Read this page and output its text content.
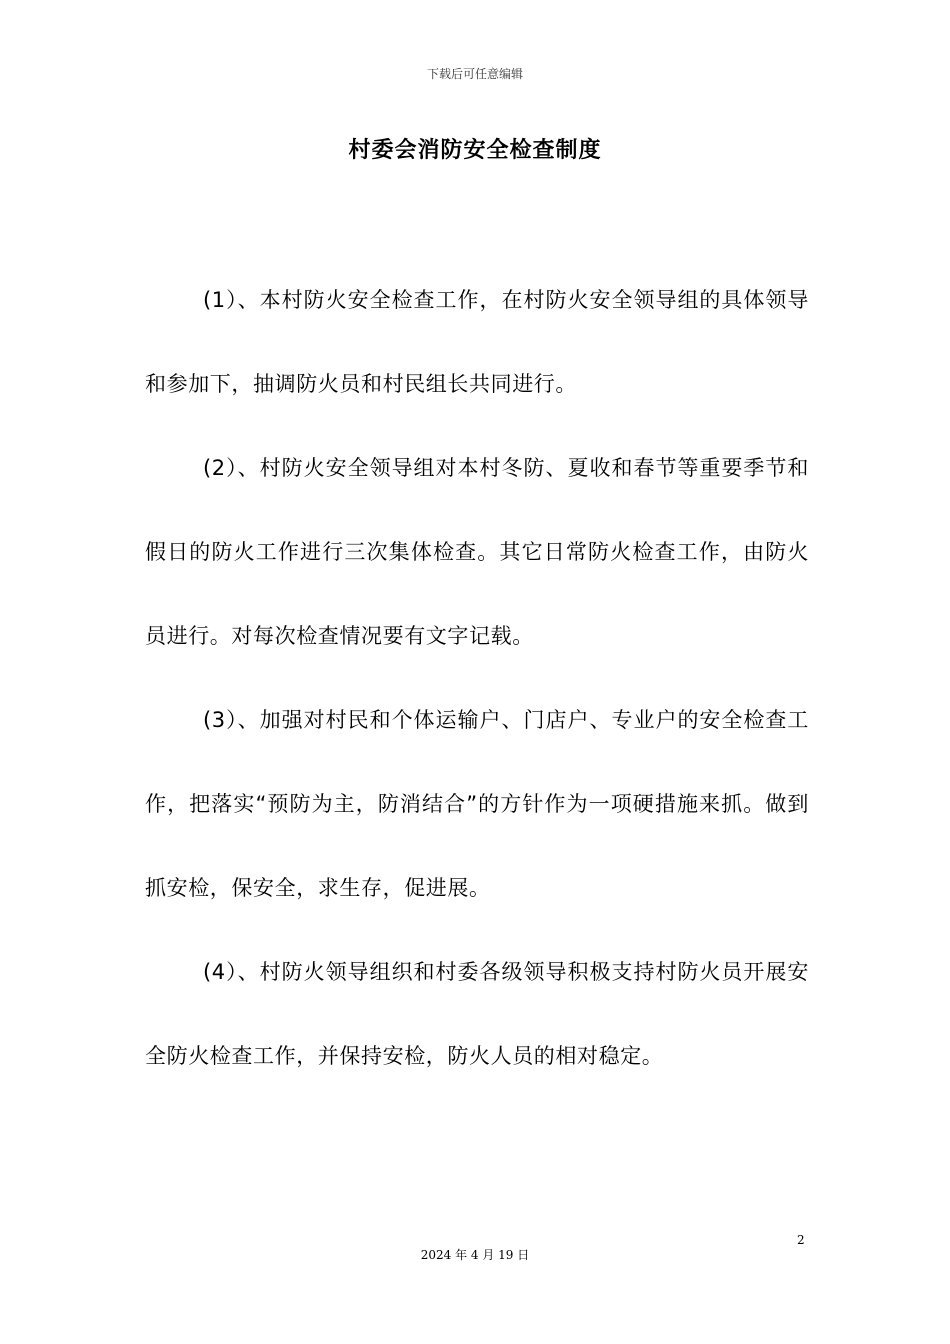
下载后可任意编辑
村委会消防安全检查制度

(1）、本村防火安全检查工作，在村防火安全领导组的具体领导和参加下，抽调防火员和村民组长共同进行。

(2）、村防火安全领导组对本村冬防、夏收和春节等重要季节和假日的防火工作进行三次集体检查。其它日常防火检查工作，由防火员进行。对每次检查情况要有文字记载。

(3）、加强对村民和个体运输户、门店户、专业户的安全检查工作，把落实“预防为主，防消结合”的方针作为一项硬措施来抓。做到抓安检，保安全，求生存，促进展。

(4）、村防火领导组织和村委各级领导积极支持村防火员开展安全防火检查工作，并保持安检，防火人员的相对稳定。

2
2024 年 4 月 19 日
